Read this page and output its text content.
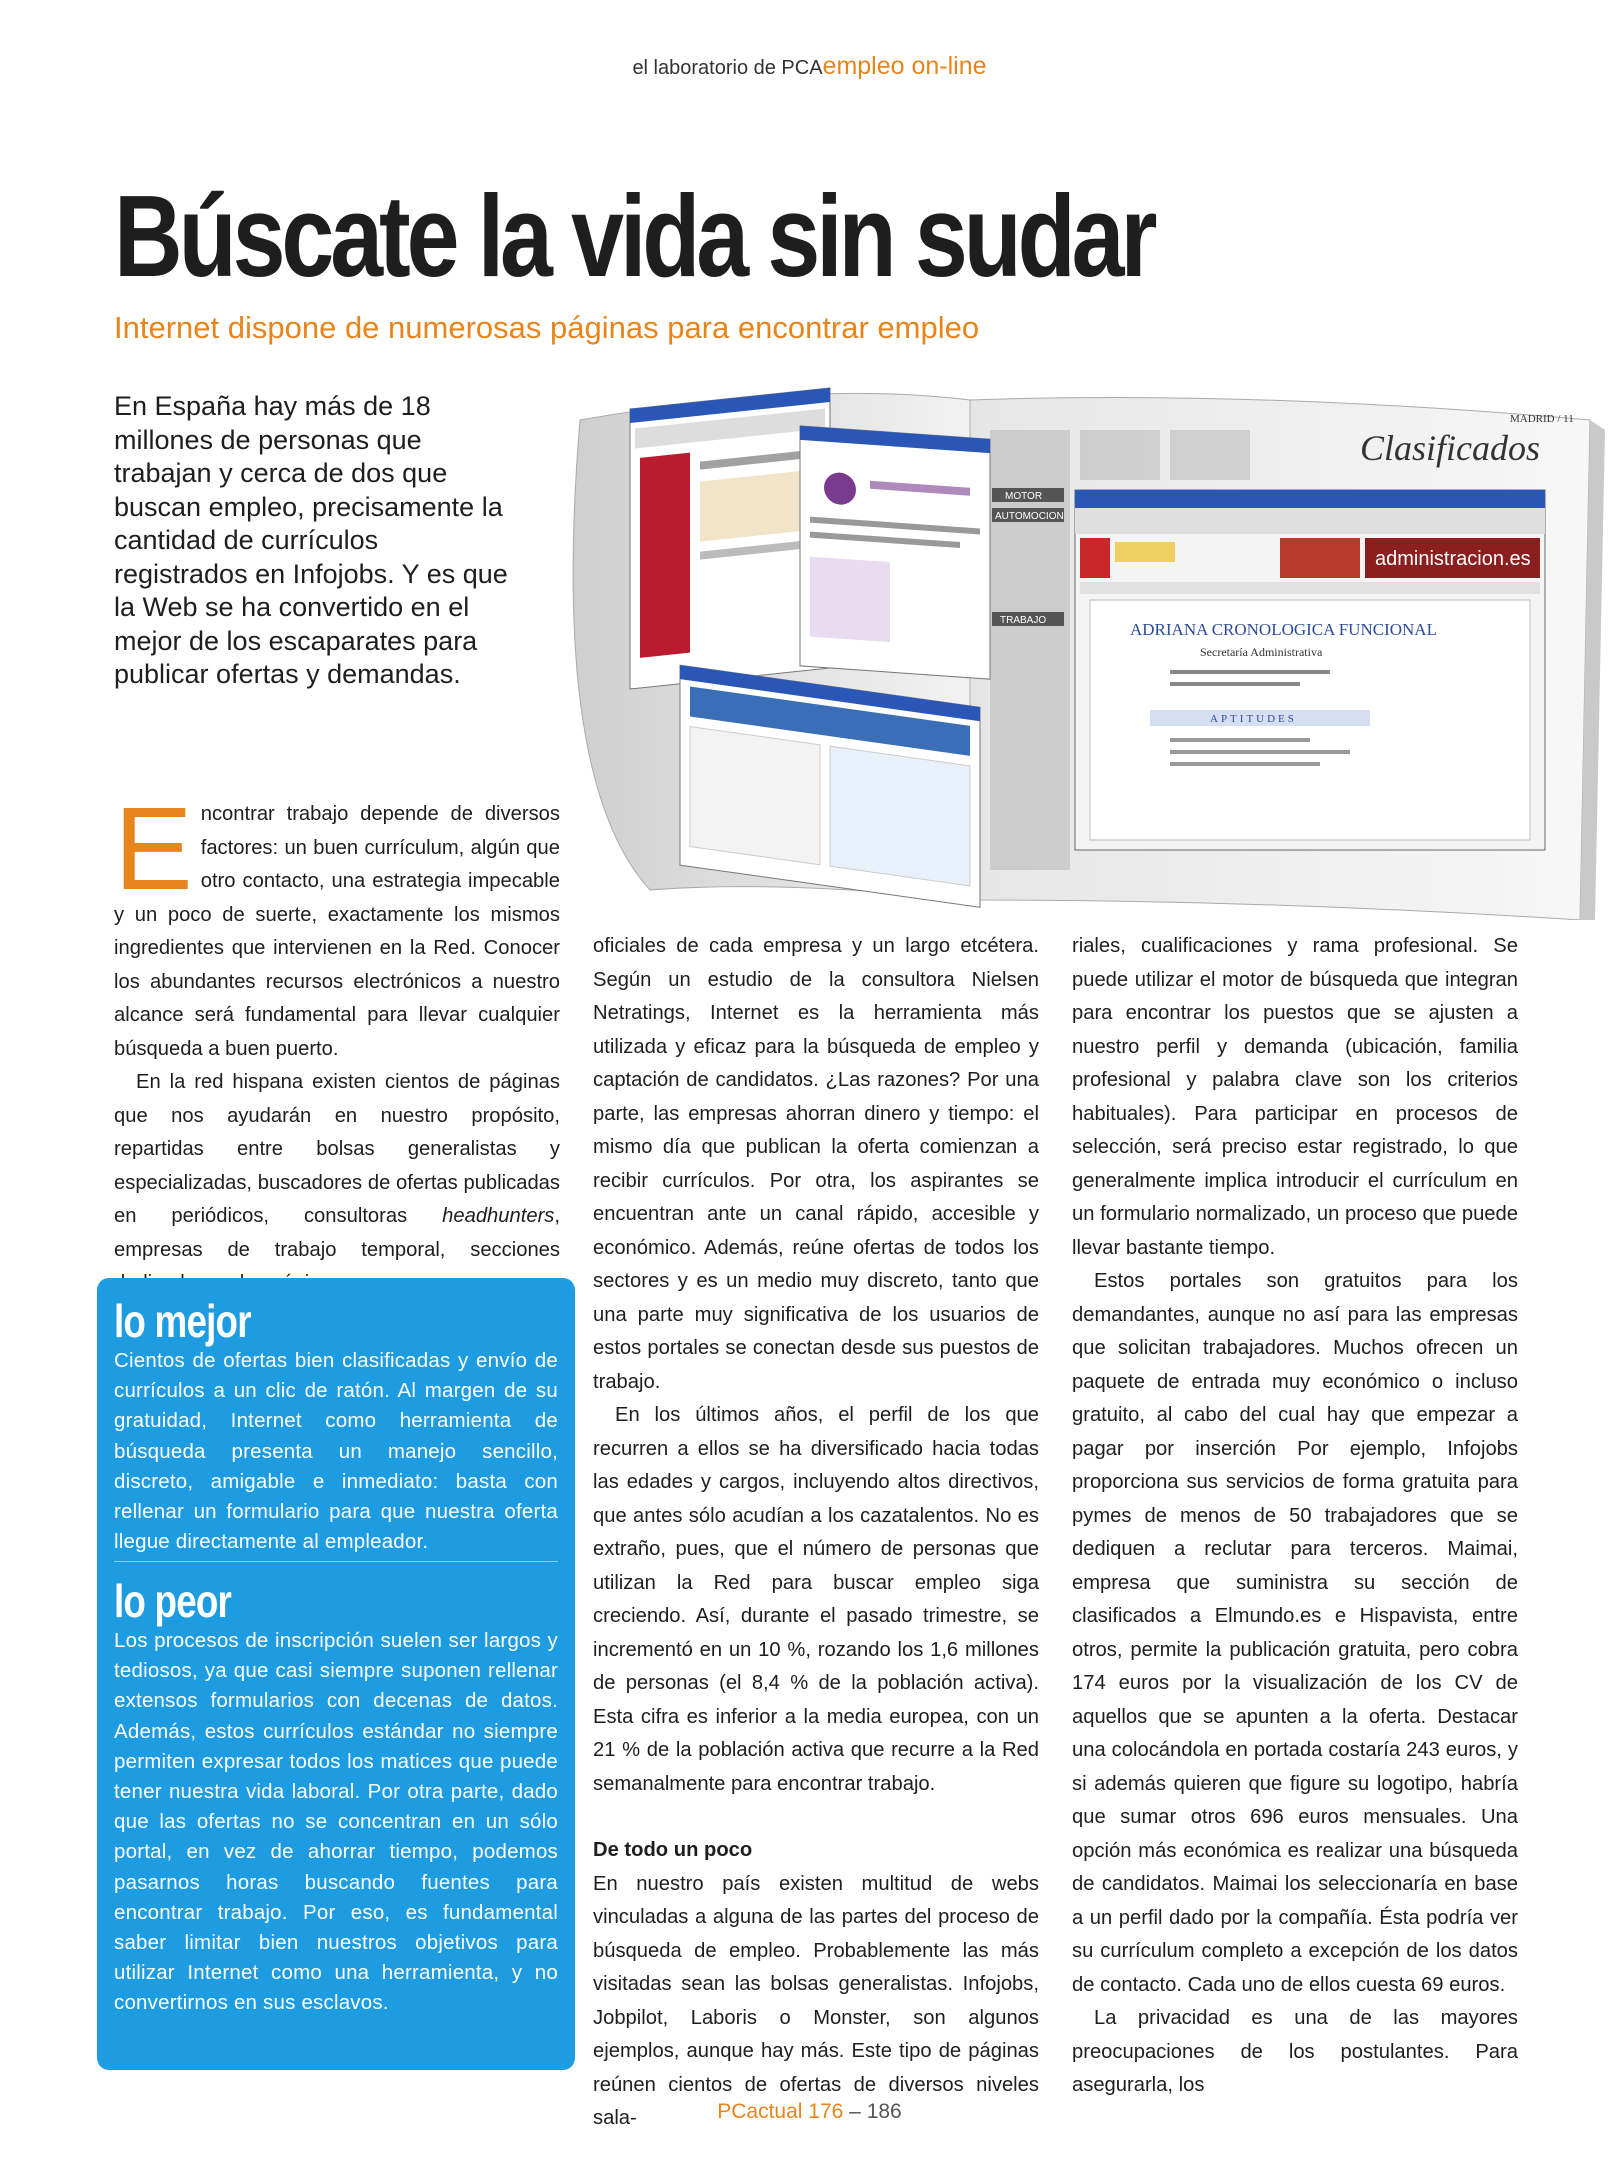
el laboratorio de PCAempleo on-line
Búscate la vida sin sudar
Internet dispone de numerosas páginas para encontrar empleo
En España hay más de 18 millones de personas que trabajan y cerca de dos que buscan empleo, precisamente la cantidad de currículos registrados en Infojobs. Y es que la Web se ha convertido en el mejor de los escaparates para publicar ofertas y demandas.
Clasificados
MADRID / 11
MOTOR
AUTOMOCION
TRABAJO
administracion.es
ADRIANA CRONOLOGICA FUNCIONAL
Secretaría Administrativa
APTITUDES

Encontrar trabajo depende de diversos factores: un buen currículum, algún que otro contacto, una estrategia impecable y un poco de suerte, exactamente los mismos ingredientes que intervienen en la Red. Conocer los abundantes recursos electrónicos a nuestro alcance será fundamental para llevar cualquier búsqueda a buen puerto.

En la red hispana existen cientos de páginas que nos ayudarán en nuestro propósito, repartidas entre bolsas generalistas y especializadas, buscadores de ofertas publicadas en periódicos, consultoras headhunters, empresas de trabajo temporal, secciones

lo mejor
Cientos de ofertas bien clasificadas y envío de currículos a un clic de ratón. Al margen de su gratuidad, Internet como herramienta de búsqueda presenta un manejo sencillo, discreto, amigable e inmediato: basta con rellenar un formulario para que nuestra oferta llegue directamente al empleador.
lo peor
Los procesos de inscripción suelen ser largos y tediosos, ya que casi siempre suponen rellenar extensos formularios con decenas de datos. Además, estos currículos estándar no siempre permiten expresar todos los matices que puede tener nuestra vida laboral. Por otra parte, dado que las ofertas no se concentran en un sólo portal, en vez de ahorrar tiempo, podemos pasarnos horas buscando fuentes para encontrar trabajo. Por eso, es fundamental saber limitar bien nuestros objetivos para utilizar Internet como una herramienta, y no convertirnos en sus esclavos.

oficiales de cada empresa y un largo etcétera. Según un estudio de la consultora Nielsen Netratings, Internet es la herramienta más utilizada y eficaz para la búsqueda de empleo y captación de candidatos. ¿Las razones? Por una parte, las empresas ahorran dinero y tiempo: el mismo día que publican la oferta comienzan a recibir currículos. Por otra, los aspirantes se encuentran ante un canal rápido, accesible y económico. Además, reúne ofertas de todos los sectores y es un medio muy discreto, tanto que una parte muy significativa de los usuarios de estos portales se conectan desde sus puestos de trabajo.

En los últimos años, el perfil de los que recurren a ellos se ha diversificado hacia todas las edades y cargos, incluyendo altos directivos, que antes sólo acudían a los cazatalentos. No es extraño, pues, que el número de personas que utilizan la Red para buscar empleo siga creciendo. Así, durante el pasado trimestre, se incrementó en un 10 %, rozando los 1,6 millones de personas (el 8,4 % de la población activa). Esta cifra es inferior a la media europea, con un 21 % de la población activa que recurre a la Red semanalmente para encontrar trabajo.

De todo un poco

En nuestro país existen multitud de webs vinculadas a alguna de las partes del proceso de búsqueda de empleo. Probablemente las más visitadas sean las bolsas generalistas. Infojobs, Jobpilot, Laboris o Monster, son algunos ejemplos, aunque hay más. Este tipo de páginas reúnen cientos de ofertas de diversos niveles sala-

riales, cualificaciones y rama profesional. Se puede utilizar el motor de búsqueda que integran para encontrar los puestos que se ajusten a nuestro perfil y demanda (ubicación, familia profesional y palabra clave son los criterios habituales). Para participar en procesos de selección, será preciso estar registrado, lo que generalmente implica introducir el currículum en un formulario normalizado, un proceso que puede llevar bastante tiempo.

Estos portales son gratuitos para los demandantes, aunque no así para las empresas que solicitan trabajadores. Muchos ofrecen un paquete de entrada muy económico o incluso gratuito, al cabo del cual hay que empezar a pagar por inserción Por ejemplo, Infojobs proporciona sus servicios de forma gratuita para pymes de menos de 50 trabajadores que se dediquen a reclutar para terceros. Maimai, empresa que suministra su sección de clasificados a Elmundo.es e Hispavista, entre otros, permite la publicación gratuita, pero cobra 174 euros por la visualización de los CV de aquellos que se apunten a la oferta. Destacar una colocándola en portada costaría 243 euros, y si además quieren que figure su logotipo, habría que sumar otros 696 euros mensuales. Una opción más económica es realizar una búsqueda de candidatos. Maimai los seleccionaría en base a un perfil dado por la compañía. Ésta podría ver su currículum completo a excepción de los datos de contacto. Cada uno de ellos cuesta 69 euros.

La privacidad es una de las mayores preocupaciones de los postulantes. Para asegurarla, los

PCactual 176 – 186
